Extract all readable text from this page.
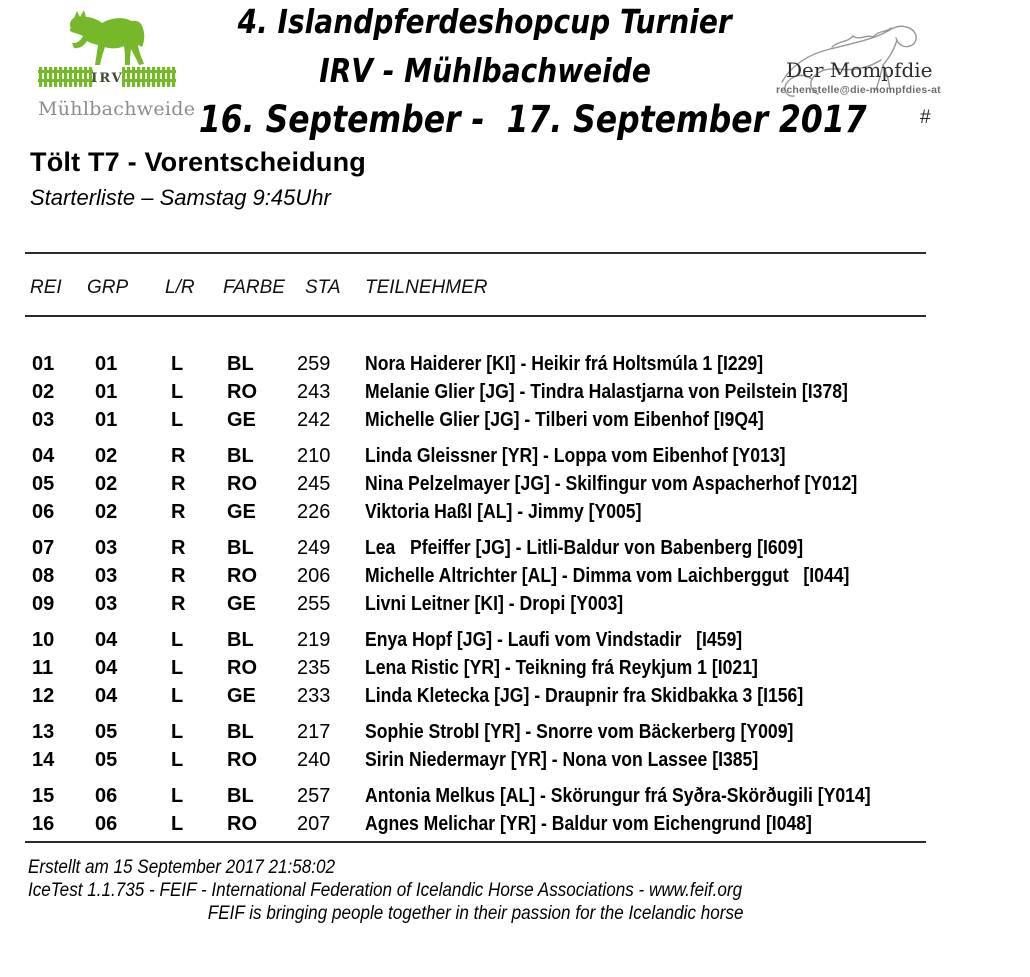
IRV
Mühlbachweide
4. Islandpferdeshopcup Turnier
IRV - Mühlbachweide
16. September -  17. September 2017
Der Mompfdie
rechenstelle@die-mompfdies-at
#
Tölt T7 - Vorentscheidung
Starterliste – Samstag 9:45Uhr
REI	GRP	L/R	FARBE	STA	TEILNEHMER
01	01	L	BL	259	Nora Haiderer [KI] - Heikir frá Holtsmúla 1 [I229]
02	01	L	RO	243	Melanie Glier [JG] - Tindra Halastjarna von Peilstein [I378]
03	01	L	GE	242	Michelle Glier [JG] - Tilberi vom Eibenhof [I9Q4]
04	02	R	BL	210	Linda Gleissner [YR] - Loppa vom Eibenhof [Y013]
05	02	R	RO	245	Nina Pelzelmayer [JG] - Skilfingur vom Aspacherhof [Y012]
06	02	R	GE	226	Viktoria Haßl [AL] - Jimmy [Y005]
07	03	R	BL	249	Lea   Pfeiffer [JG] - Litli-Baldur von Babenberg [I609]
08	03	R	RO	206	Michelle Altrichter [AL] - Dimma vom Laichberggut   [I044]
09	03	R	GE	255	Livni Leitner [KI] - Dropi [Y003]
10	04	L	BL	219	Enya Hopf [JG] - Laufi vom Vindstadir   [I459]
11	04	L	RO	235	Lena Ristic [YR] - Teikning frá Reykjum 1 [I021]
12	04	L	GE	233	Linda Kletecka [JG] - Draupnir fra Skidbakka 3 [I156]
13	05	L	BL	217	Sophie Strobl [YR] - Snorre vom Bäckerberg [Y009]
14	05	L	RO	240	Sirin Niedermayr [YR] - Nona von Lassee [I385]
15	06	L	BL	257	Antonia Melkus [AL] - Skörungur frá Syðra-Skörðugili [Y014]
16	06	L	RO	207	Agnes Melichar [YR] - Baldur vom Eichengrund [I048]
Erstellt am 15 September 2017 21:58:02
IceTest 1.1.735 - FEIF - International Federation of Icelandic Horse Associations - www.feif.org
FEIF is bringing people together in their passion for the Icelandic horse
